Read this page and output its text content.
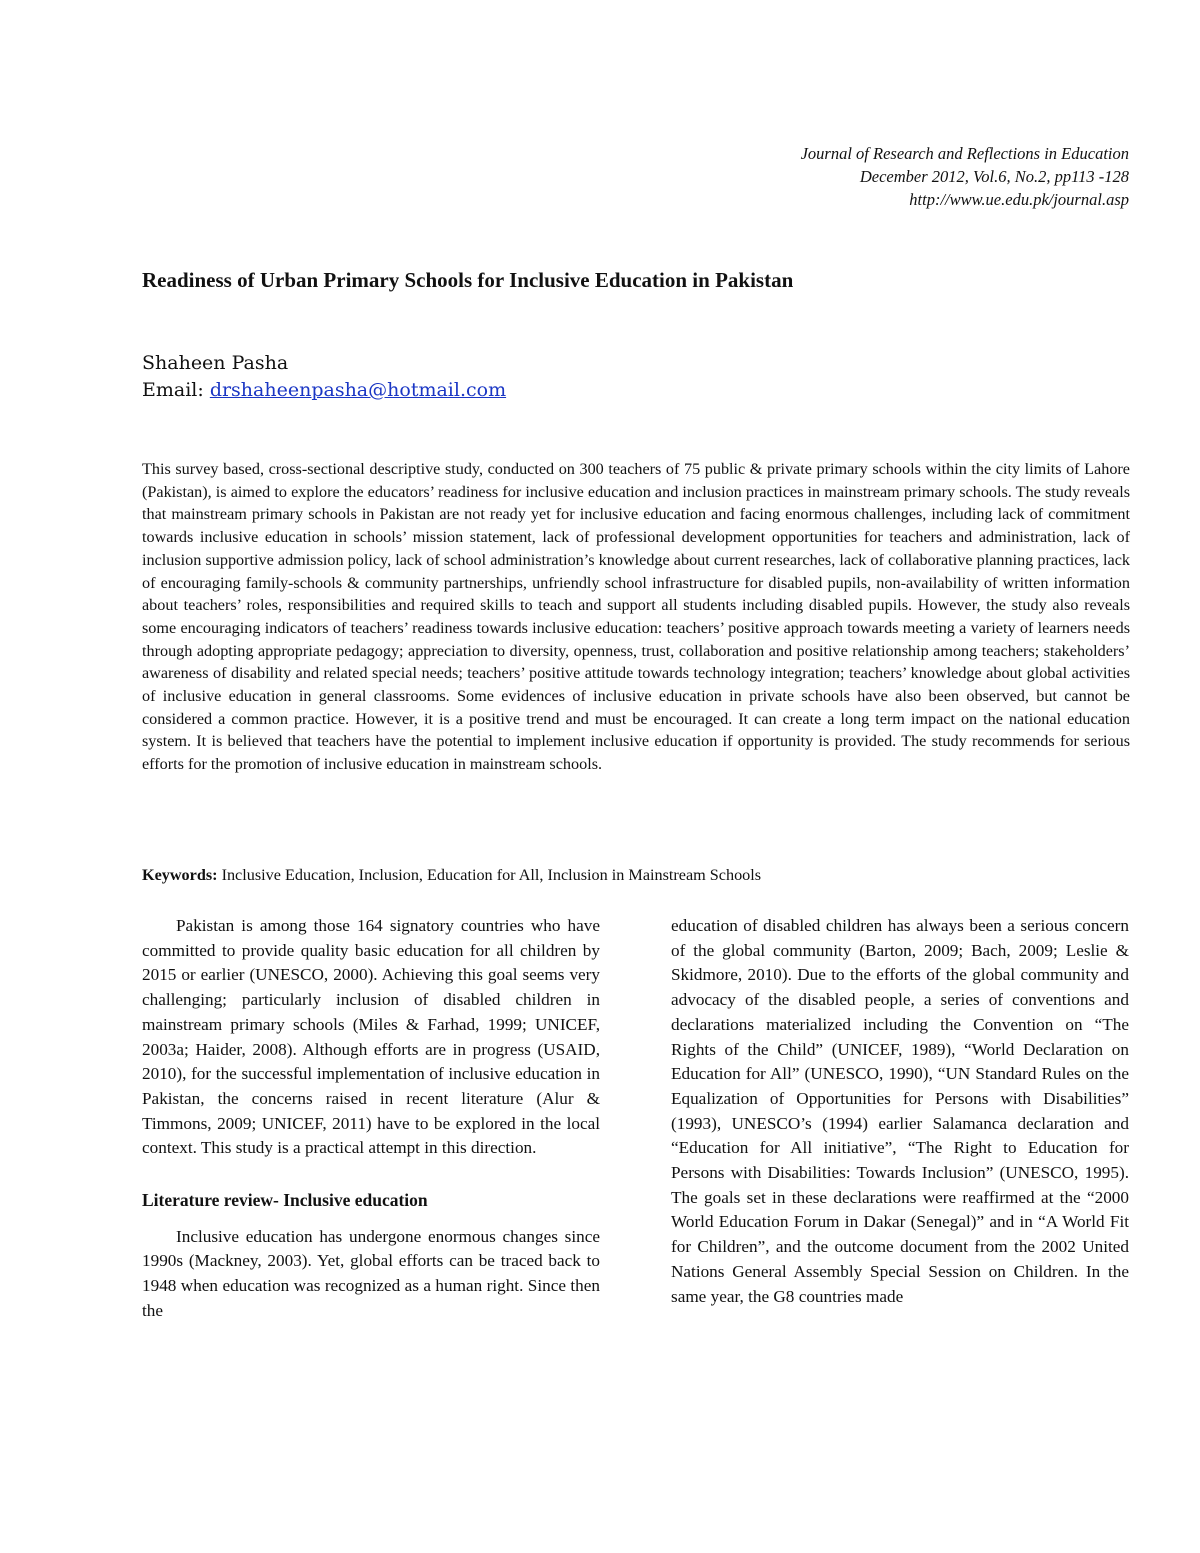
Journal of Research and Reflections in Education
December 2012, Vol.6, No.2, pp113 -128
http://www.ue.edu.pk/journal.asp
Readiness of Urban Primary Schools for Inclusive Education in Pakistan
Shaheen Pasha
Email: drshaheenpasha@hotmail.com

This survey based, cross-sectional descriptive study, conducted on 300 teachers of 75 public & private primary schools within the city limits of Lahore (Pakistan), is aimed to explore the educators’ readiness for inclusive education and inclusion practices in mainstream primary schools. The study reveals that mainstream primary schools in Pakistan are not ready yet for inclusive education and facing enormous challenges, including lack of commitment towards inclusive education in schools’ mission statement, lack of professional development opportunities for teachers and administration, lack of inclusion supportive admission policy, lack of school administration’s knowledge about current researches, lack of collaborative planning practices, lack of encouraging family-schools & community partnerships, unfriendly school infrastructure for disabled pupils, non-availability of written information about teachers’ roles, responsibilities and required skills to teach and support all students including disabled pupils. However, the study also reveals some encouraging indicators of teachers’ readiness towards inclusive education: teachers’ positive approach towards meeting a variety of learners needs through adopting appropriate pedagogy; appreciation to diversity, openness, trust, collaboration and positive relationship among teachers; stakeholders’ awareness of disability and related special needs; teachers’ positive attitude towards technology integration; teachers’ knowledge about global activities of inclusive education in general classrooms. Some evidences of inclusive education in private schools have also been observed, but cannot be considered a common practice. However, it is a positive trend and must be encouraged. It can create a long term impact on the national education system. It is believed that teachers have the potential to implement inclusive education if opportunity is provided. The study recommends for serious efforts for the promotion of inclusive education in mainstream schools.

Keywords: Inclusive Education, Inclusion, Education for All, Inclusion in Mainstream Schools

Pakistan is among those 164 signatory countries who have committed to provide quality basic education for all children by 2015 or earlier (UNESCO, 2000). Achieving this goal seems very challenging; particularly inclusion of disabled children in mainstream primary schools (Miles & Farhad, 1999; UNICEF, 2003a; Haider, 2008). Although efforts are in progress (USAID, 2010), for the successful implementation of inclusive education in Pakistan, the concerns raised in recent literature (Alur & Timmons, 2009; UNICEF, 2011) have to be explored in the local context. This study is a practical attempt in this direction.

Literature review- Inclusive education

Inclusive education has undergone enormous changes since 1990s (Mackney, 2003). Yet, global efforts can be traced back to 1948 when education was recognized as a human right. Since then the

education of disabled children has always been a serious concern of the global community (Barton, 2009; Bach, 2009; Leslie & Skidmore, 2010). Due to the efforts of the global community and advocacy of the disabled people, a series of conventions and declarations materialized including the Convention on “The Rights of the Child” (UNICEF, 1989), “World Declaration on Education for All” (UNESCO, 1990), “UN Standard Rules on the Equalization of Opportunities for Persons with Disabilities” (1993), UNESCO’s (1994) earlier Salamanca declaration and “Education for All initiative”, “The Right to Education for Persons with Disabilities: Towards Inclusion” (UNESCO, 1995). The goals set in these declarations were reaffirmed at the “2000 World Education Forum in Dakar (Senegal)” and in “A World Fit for Children”, and the outcome document from the 2002 United Nations General Assembly Special Session on Children. In the same year, the G8 countries made
